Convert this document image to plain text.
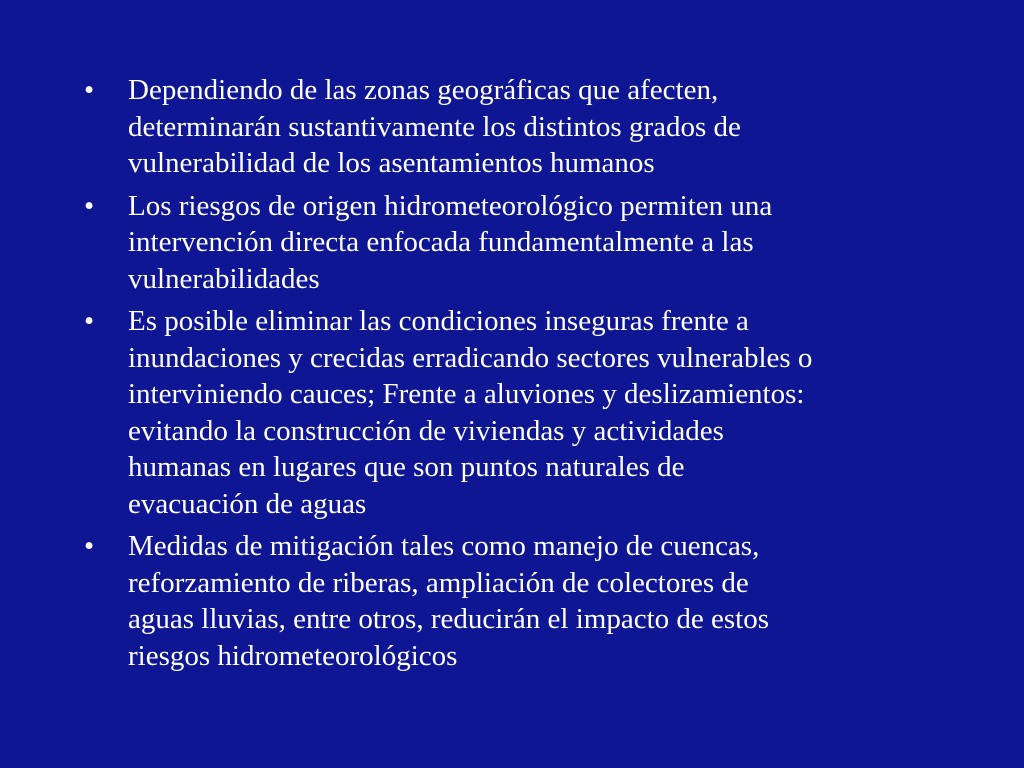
•	Dependiendo de las zonas geográficas que afecten,
determinarán sustantivamente los distintos grados de
vulnerabilidad de los asentamientos humanos
•	Los riesgos de origen hidrometeorológico permiten una
intervención directa enfocada fundamentalmente a las
vulnerabilidades
•	Es posible eliminar las condiciones inseguras frente a
inundaciones y crecidas erradicando sectores vulnerables o
interviniendo cauces; Frente a aluviones y deslizamientos:
evitando la construcción de viviendas y actividades
humanas en lugares que son puntos naturales de
evacuación de aguas
•	Medidas de mitigación tales como manejo de cuencas,
reforzamiento de riberas, ampliación de colectores de
aguas lluvias, entre otros, reducirán el impacto de estos
riesgos hidrometeorológicos
